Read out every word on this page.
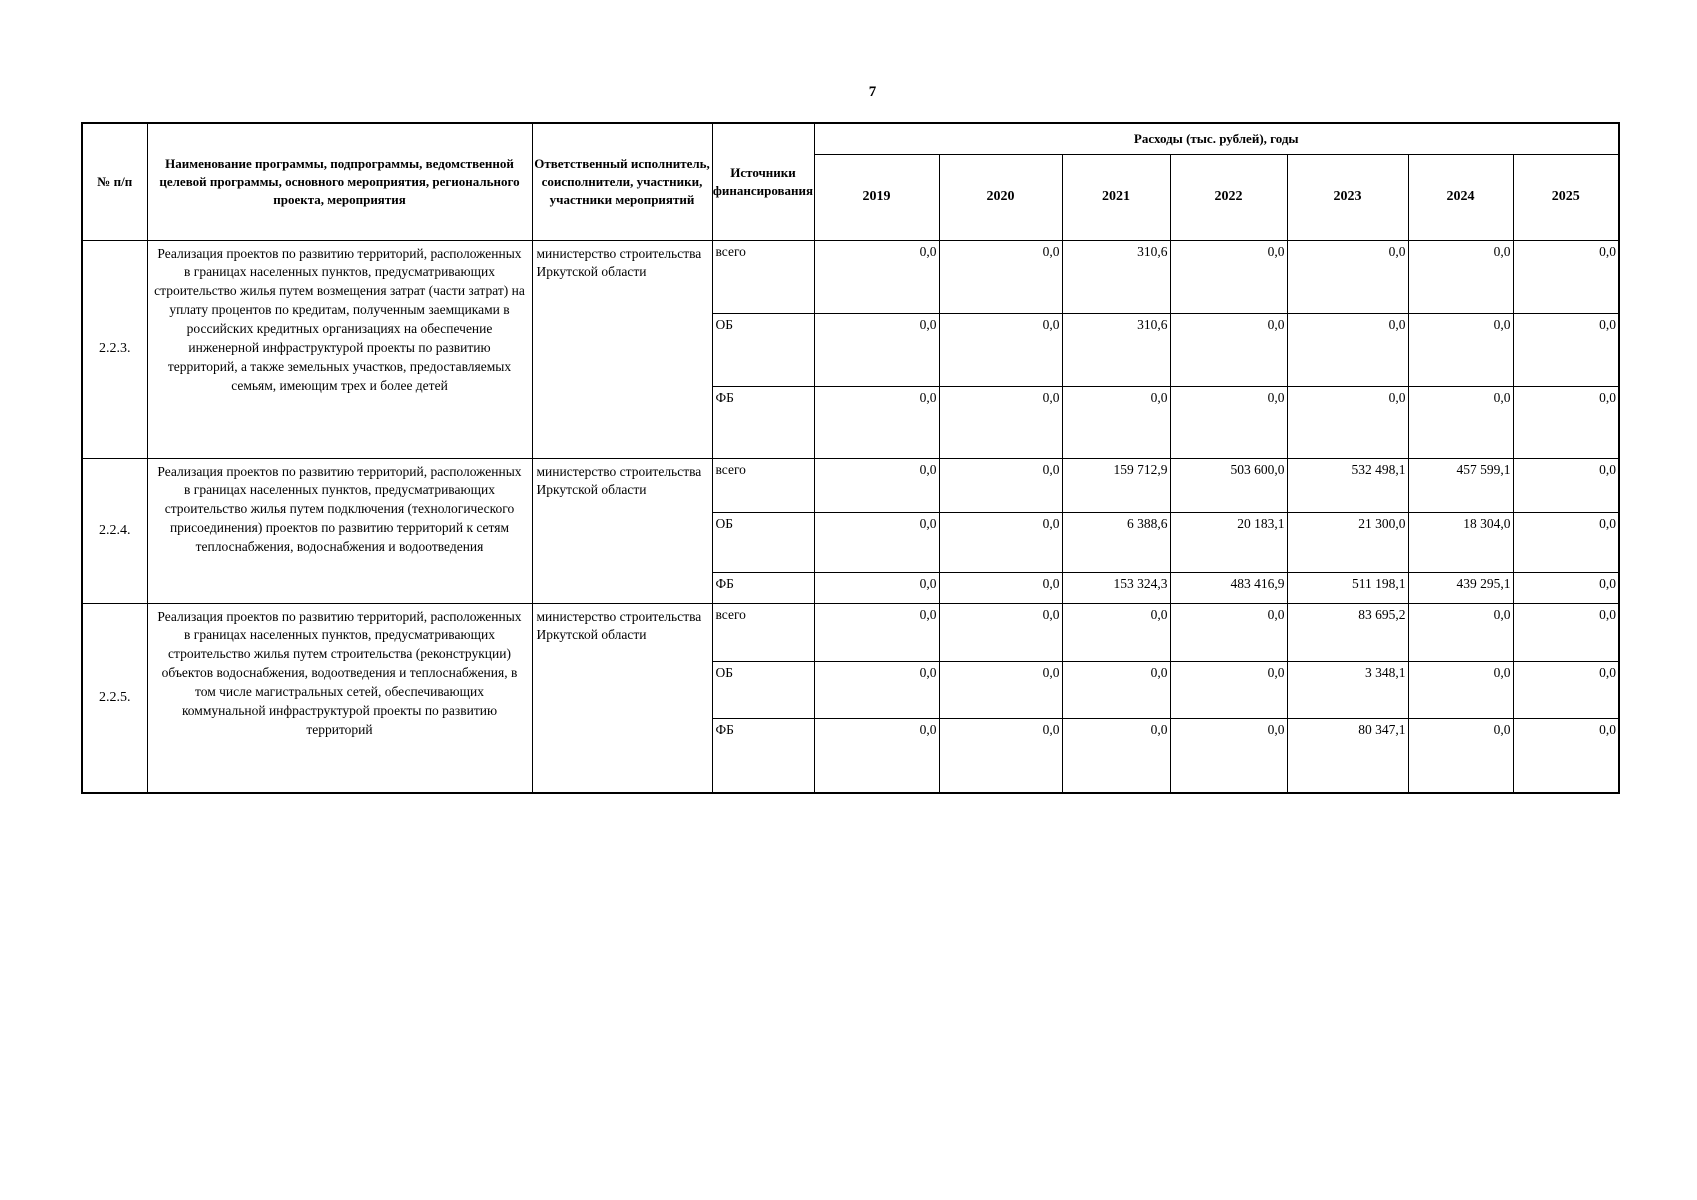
7
№ п/п	Наименование программы, подпрограммы, ведомственной целевой программы, основного мероприятия, регионального проекта, мероприятия	Ответственный исполнитель, соисполнители, участники, участники мероприятий	Источники финансирования	Расходы (тыс. рублей), годы						
				2019	2020	2021	2022	2023	2024	2025
2.2.3.	Реализация проектов по развитию территорий, расположенных в границах населенных пунктов, предусматривающих строительство жилья путем возмещения затрат (части затрат) на уплату процентов по кредитам, полученным заемщиками в российских кредитных организациях на обеспечение инженерной инфраструктурой проекты по развитию территорий, а также земельных участков, предоставляемых семьям, имеющим трех и более детей	министерство строительства Иркутской области	всего	0,0	0,0	310,6	0,0	0,0	0,0	0,0
			ОБ	0,0	0,0	310,6	0,0	0,0	0,0	0,0
			ФБ	0,0	0,0	0,0	0,0	0,0	0,0	0,0
2.2.4.	Реализация проектов по развитию территорий, расположенных в границах населенных пунктов, предусматривающих строительство жилья путем подключения (технологического присоединения) проектов по развитию территорий к сетям теплоснабжения, водоснабжения и водоотведения	министерство строительства Иркутской области	всего	0,0	0,0	159 712,9	503 600,0	532 498,1	457 599,1	0,0
			ОБ	0,0	0,0	6 388,6	20 183,1	21 300,0	18 304,0	0,0
			ФБ	0,0	0,0	153 324,3	483 416,9	511 198,1	439 295,1	0,0
2.2.5.	Реализация проектов по развитию территорий, расположенных в границах населенных пунктов, предусматривающих строительство жилья путем строительства (реконструкции) объектов водоснабжения, водоотведения и теплоснабжения, в том числе магистральных сетей, обеспечивающих коммунальной инфраструктурой проекты по развитию территорий	министерство строительства Иркутской области	всего	0,0	0,0	0,0	0,0	83 695,2	0,0	0,0
			ОБ	0,0	0,0	0,0	0,0	3 348,1	0,0	0,0
			ФБ	0,0	0,0	0,0	0,0	80 347,1	0,0	0,0
